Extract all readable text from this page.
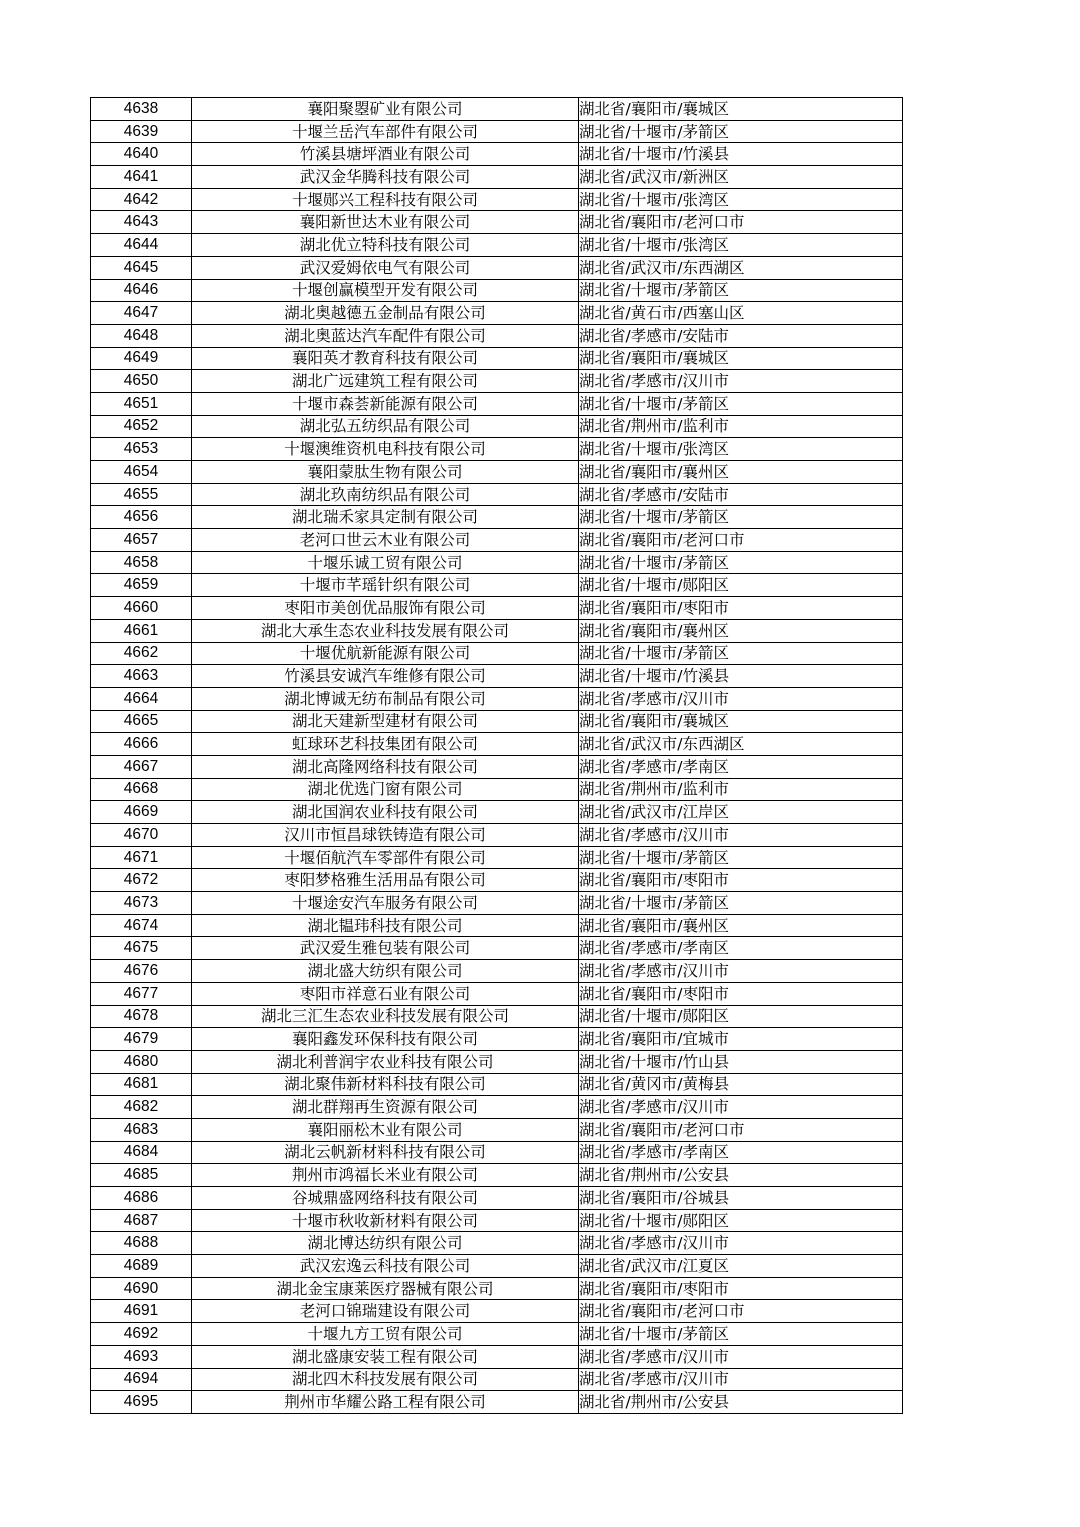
4638	襄阳聚曌矿业有限公司	湖北省/襄阳市/襄城区
4639	十堰兰岳汽车部件有限公司	湖北省/十堰市/茅箭区
4640	竹溪县塘坪酒业有限公司	湖北省/十堰市/竹溪县
4641	武汉金华腾科技有限公司	湖北省/武汉市/新洲区
4642	十堰郧兴工程科技有限公司	湖北省/十堰市/张湾区
4643	襄阳新世达木业有限公司	湖北省/襄阳市/老河口市
4644	湖北优立特科技有限公司	湖北省/十堰市/张湾区
4645	武汉爱姆依电气有限公司	湖北省/武汉市/东西湖区
4646	十堰创赢模型开发有限公司	湖北省/十堰市/茅箭区
4647	湖北奥越德五金制品有限公司	湖北省/黄石市/西塞山区
4648	湖北奥蓝达汽车配件有限公司	湖北省/孝感市/安陆市
4649	襄阳英才教育科技有限公司	湖北省/襄阳市/襄城区
4650	湖北广远建筑工程有限公司	湖北省/孝感市/汉川市
4651	十堰市森荟新能源有限公司	湖北省/十堰市/茅箭区
4652	湖北弘五纺织品有限公司	湖北省/荆州市/监利市
4653	十堰澳维资机电科技有限公司	湖北省/十堰市/张湾区
4654	襄阳蒙肽生物有限公司	湖北省/襄阳市/襄州区
4655	湖北玖南纺织品有限公司	湖北省/孝感市/安陆市
4656	湖北瑞禾家具定制有限公司	湖北省/十堰市/茅箭区
4657	老河口世云木业有限公司	湖北省/襄阳市/老河口市
4658	十堰乐诚工贸有限公司	湖北省/十堰市/茅箭区
4659	十堰市芊瑶针织有限公司	湖北省/十堰市/郧阳区
4660	枣阳市美创优品服饰有限公司	湖北省/襄阳市/枣阳市
4661	湖北大承生态农业科技发展有限公司	湖北省/襄阳市/襄州区
4662	十堰优航新能源有限公司	湖北省/十堰市/茅箭区
4663	竹溪县安诚汽车维修有限公司	湖北省/十堰市/竹溪县
4664	湖北博诚无纺布制品有限公司	湖北省/孝感市/汉川市
4665	湖北天建新型建材有限公司	湖北省/襄阳市/襄城区
4666	虹球环艺科技集团有限公司	湖北省/武汉市/东西湖区
4667	湖北高隆网络科技有限公司	湖北省/孝感市/孝南区
4668	湖北优选门窗有限公司	湖北省/荆州市/监利市
4669	湖北国润农业科技有限公司	湖北省/武汉市/江岸区
4670	汉川市恒昌球铁铸造有限公司	湖北省/孝感市/汉川市
4671	十堰佰航汽车零部件有限公司	湖北省/十堰市/茅箭区
4672	枣阳梦格雅生活用品有限公司	湖北省/襄阳市/枣阳市
4673	十堰途安汽车服务有限公司	湖北省/十堰市/茅箭区
4674	湖北韫玮科技有限公司	湖北省/襄阳市/襄州区
4675	武汉爱生雅包装有限公司	湖北省/孝感市/孝南区
4676	湖北盛大纺织有限公司	湖北省/孝感市/汉川市
4677	枣阳市祥意石业有限公司	湖北省/襄阳市/枣阳市
4678	湖北三汇生态农业科技发展有限公司	湖北省/十堰市/郧阳区
4679	襄阳鑫发环保科技有限公司	湖北省/襄阳市/宜城市
4680	湖北利普润宇农业科技有限公司	湖北省/十堰市/竹山县
4681	湖北聚伟新材料科技有限公司	湖北省/黄冈市/黄梅县
4682	湖北群翔再生资源有限公司	湖北省/孝感市/汉川市
4683	襄阳丽松木业有限公司	湖北省/襄阳市/老河口市
4684	湖北云帆新材料科技有限公司	湖北省/孝感市/孝南区
4685	荆州市鸿福长米业有限公司	湖北省/荆州市/公安县
4686	谷城鼎盛网络科技有限公司	湖北省/襄阳市/谷城县
4687	十堰市秋收新材料有限公司	湖北省/十堰市/郧阳区
4688	湖北博达纺织有限公司	湖北省/孝感市/汉川市
4689	武汉宏逸云科技有限公司	湖北省/武汉市/江夏区
4690	湖北金宝康莱医疗器械有限公司	湖北省/襄阳市/枣阳市
4691	老河口锦瑞建设有限公司	湖北省/襄阳市/老河口市
4692	十堰九方工贸有限公司	湖北省/十堰市/茅箭区
4693	湖北盛康安装工程有限公司	湖北省/孝感市/汉川市
4694	湖北四木科技发展有限公司	湖北省/孝感市/汉川市
4695	荆州市华耀公路工程有限公司	湖北省/荆州市/公安县
